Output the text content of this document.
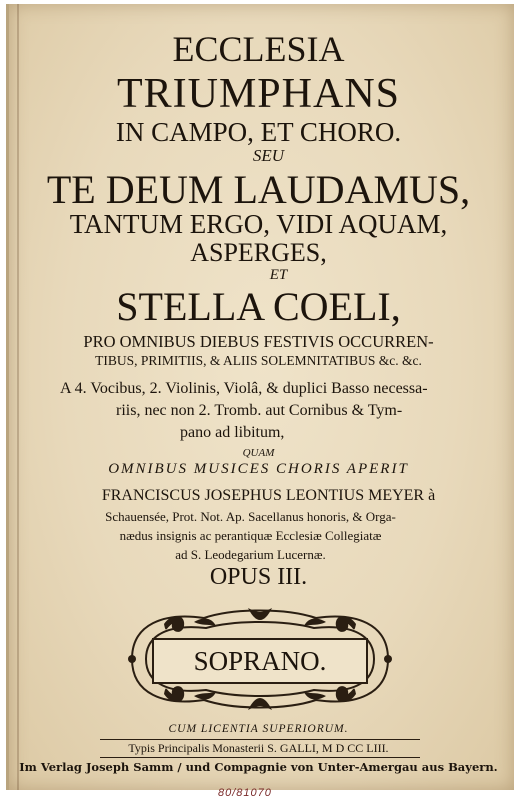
ECCLESIA
TRIUMPHANS
IN CAMPO, ET CHORO.
SEU
TE DEUM LAUDAMUS,
TANTUM ERGO, VIDI AQUAM,
ASPERGES,
ET
STELLA COELI,
PRO OMNIBUS DIEBUS FESTIVIS OCCURREN-
TIBUS, PRIMITIIS, & ALIIS SOLEMNITATIBUS &c. &c.
A 4. Vocibus, 2. Violinis, Violâ, & duplici Basso necessa-
riis, nec non 2. Tromb. aut Cornibus & Tym-
pano ad libitum,
QUAM
OMNIBUS MUSICES CHORIS APERIT
FRANCISCUS JOSEPHUS LEONTIUS MEYER à
Schauensée, Prot. Not. Ap. Sacellanus honoris, & Orga-
nædus insignis ac perantiquæ Ecclesiæ Collegiatæ
ad S. Leodegarium Lucernæ.
OPUS III.
SOPRANO.
CUM LICENTIA SUPERIORUM.
Typis Principalis Monasterii S. GALLI, M D CC LIII.
Im Verlag Joseph Samm / und Compagnie von Unter-Amergau aus Bayern.
80/81070
